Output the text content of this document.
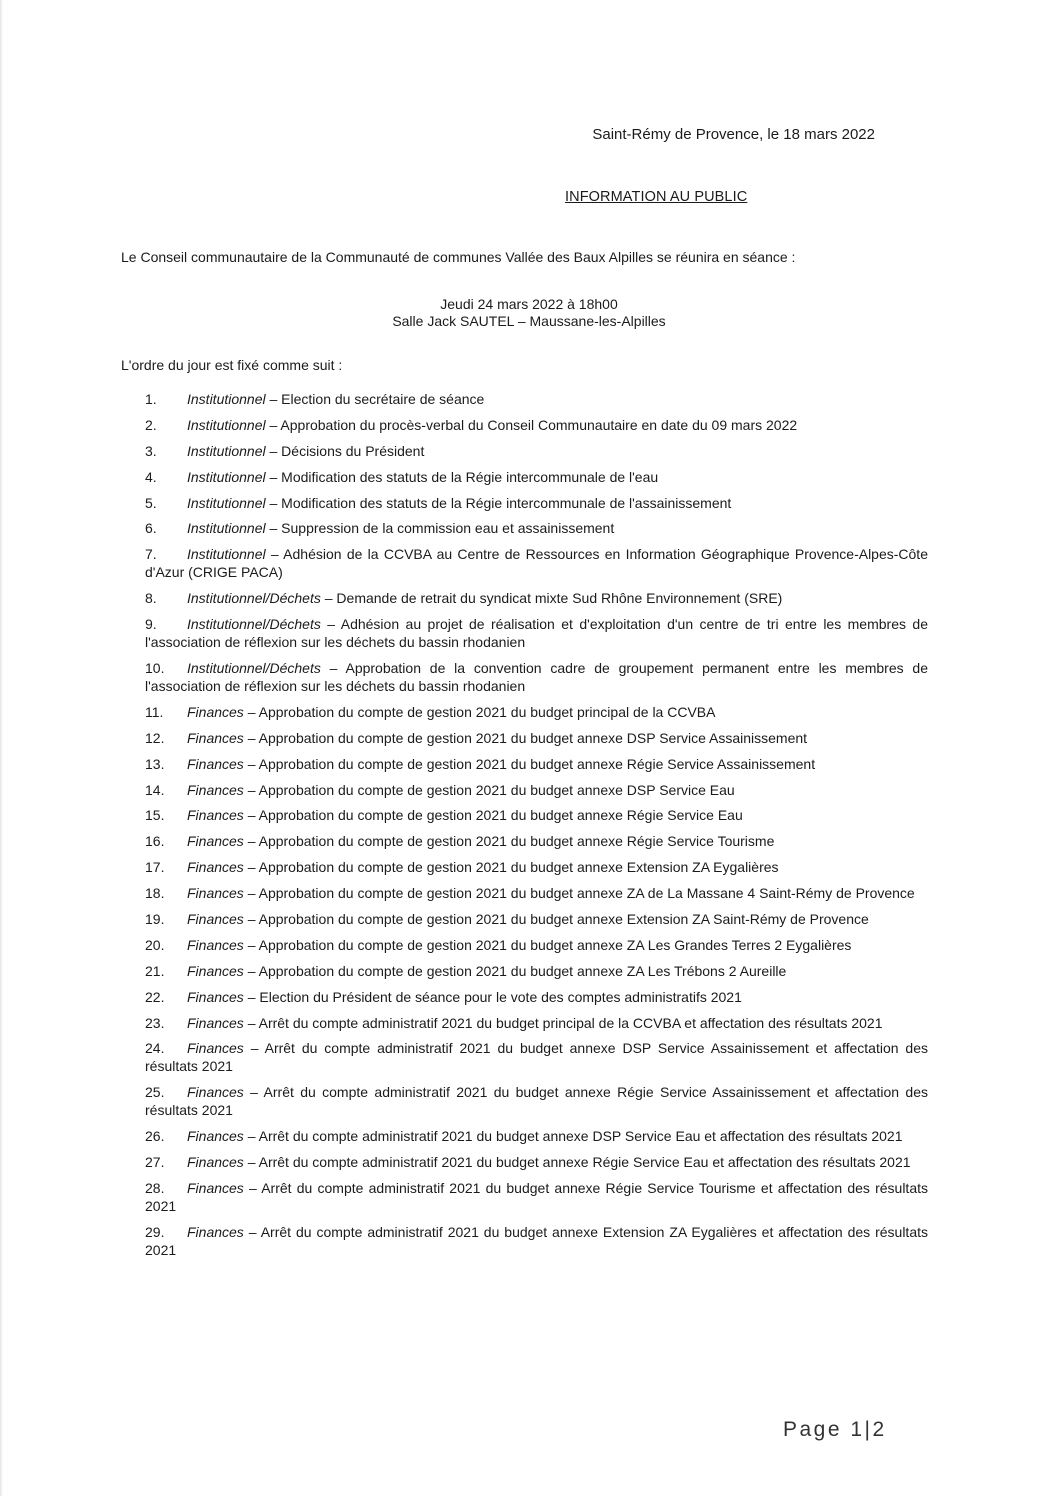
Saint-Rémy de Provence, le 18 mars 2022
INFORMATION AU PUBLIC
Le Conseil communautaire de la Communauté de communes Vallée des Baux Alpilles se réunira en séance :
Jeudi 24 mars 2022 à 18h00
Salle Jack SAUTEL – Maussane-les-Alpilles
L'ordre du jour est fixé comme suit :
1. Institutionnel – Election du secrétaire de séance
2. Institutionnel – Approbation du procès-verbal du Conseil Communautaire en date du 09 mars 2022
3. Institutionnel – Décisions du Président
4. Institutionnel – Modification des statuts de la Régie intercommunale de l'eau
5. Institutionnel – Modification des statuts de la Régie intercommunale de l'assainissement
6. Institutionnel – Suppression de la commission eau et assainissement
7. Institutionnel – Adhésion de la CCVBA au Centre de Ressources en Information Géographique Provence-Alpes-Côte d'Azur (CRIGE PACA)
8. Institutionnel/Déchets – Demande de retrait du syndicat mixte Sud Rhône Environnement (SRE)
9. Institutionnel/Déchets – Adhésion au projet de réalisation et d'exploitation d'un centre de tri entre les membres de l'association de réflexion sur les déchets du bassin rhodanien
10. Institutionnel/Déchets – Approbation de la convention cadre de groupement permanent entre les membres de l'association de réflexion sur les déchets du bassin rhodanien
11. Finances – Approbation du compte de gestion 2021 du budget principal de la CCVBA
12. Finances – Approbation du compte de gestion 2021 du budget annexe DSP Service Assainissement
13. Finances – Approbation du compte de gestion 2021 du budget annexe Régie Service Assainissement
14. Finances – Approbation du compte de gestion 2021 du budget annexe DSP Service Eau
15. Finances – Approbation du compte de gestion 2021 du budget annexe Régie Service Eau
16. Finances – Approbation du compte de gestion 2021 du budget annexe Régie Service Tourisme
17. Finances – Approbation du compte de gestion 2021 du budget annexe Extension ZA Eygalières
18. Finances – Approbation du compte de gestion 2021 du budget annexe ZA de La Massane 4 Saint-Rémy de Provence
19. Finances – Approbation du compte de gestion 2021 du budget annexe Extension ZA Saint-Rémy de Provence
20. Finances – Approbation du compte de gestion 2021 du budget annexe ZA Les Grandes Terres 2 Eygalières
21. Finances – Approbation du compte de gestion 2021 du budget annexe ZA Les Trébons 2 Aureille
22. Finances – Election du Président de séance pour le vote des comptes administratifs 2021
23. Finances – Arrêt du compte administratif 2021 du budget principal de la CCVBA et affectation des résultats 2021
24. Finances – Arrêt du compte administratif 2021 du budget annexe DSP Service Assainissement et affectation des résultats 2021
25. Finances – Arrêt du compte administratif 2021 du budget annexe Régie Service Assainissement et affectation des résultats 2021
26. Finances – Arrêt du compte administratif 2021 du budget annexe DSP Service Eau et affectation des résultats 2021
27. Finances – Arrêt du compte administratif 2021 du budget annexe Régie Service Eau et affectation des résultats 2021
28. Finances – Arrêt du compte administratif 2021 du budget annexe Régie Service Tourisme et affectation des résultats 2021
29. Finances – Arrêt du compte administratif 2021 du budget annexe Extension ZA Eygalières et affectation des résultats 2021
Page 1|2
